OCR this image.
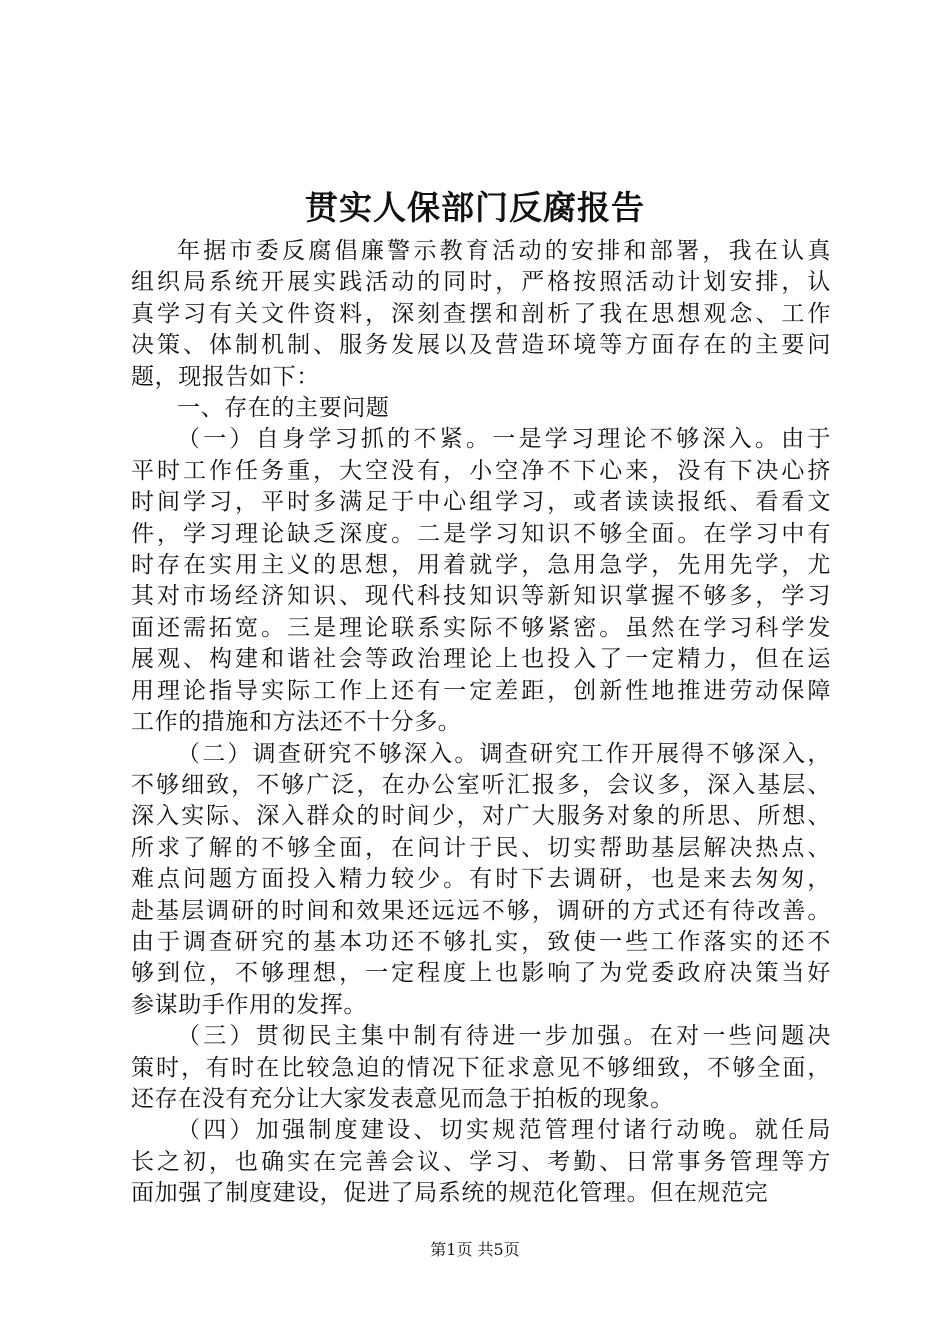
贯实人保部门反腐报告
年据市委反腐倡廉警示教育活动的安排和部署，我在认真
组织局系统开展实践活动的同时，严格按照活动计划安排，认
真学习有关文件资料，深刻查摆和剖析了我在思想观念、工作
决策、体制机制、服务发展以及营造环境等方面存在的主要问
题，现报告如下：
一、存在的主要问题
（一）自身学习抓的不紧。一是学习理论不够深入。由于
平时工作任务重，大空没有，小空净不下心来，没有下决心挤
时间学习，平时多满足于中心组学习，或者读读报纸、看看文
件，学习理论缺乏深度。二是学习知识不够全面。在学习中有
时存在实用主义的思想，用着就学，急用急学，先用先学，尤
其对市场经济知识、现代科技知识等新知识掌握不够多，学习
面还需拓宽。三是理论联系实际不够紧密。虽然在学习科学发
展观、构建和谐社会等政治理论上也投入了一定精力，但在运
用理论指导实际工作上还有一定差距，创新性地推进劳动保障
工作的措施和方法还不十分多。
（二）调查研究不够深入。调查研究工作开展得不够深入，
不够细致，不够广泛，在办公室听汇报多，会议多，深入基层、
深入实际、深入群众的时间少，对广大服务对象的所思、所想、
所求了解的不够全面，在问计于民、切实帮助基层解决热点、
难点问题方面投入精力较少。有时下去调研，也是来去匆匆，
赴基层调研的时间和效果还远远不够，调研的方式还有待改善。
由于调查研究的基本功还不够扎实，致使一些工作落实的还不
够到位，不够理想，一定程度上也影响了为党委政府决策当好
参谋助手作用的发挥。
（三）贯彻民主集中制有待进一步加强。在对一些问题决
策时，有时在比较急迫的情况下征求意见不够细致，不够全面，
还存在没有充分让大家发表意见而急于拍板的现象。
（四）加强制度建设、切实规范管理付诸行动晚。就任局
长之初，也确实在完善会议、学习、考勤、日常事务管理等方
面加强了制度建设，促进了局系统的规范化管理。但在规范完
第1页 共5页
